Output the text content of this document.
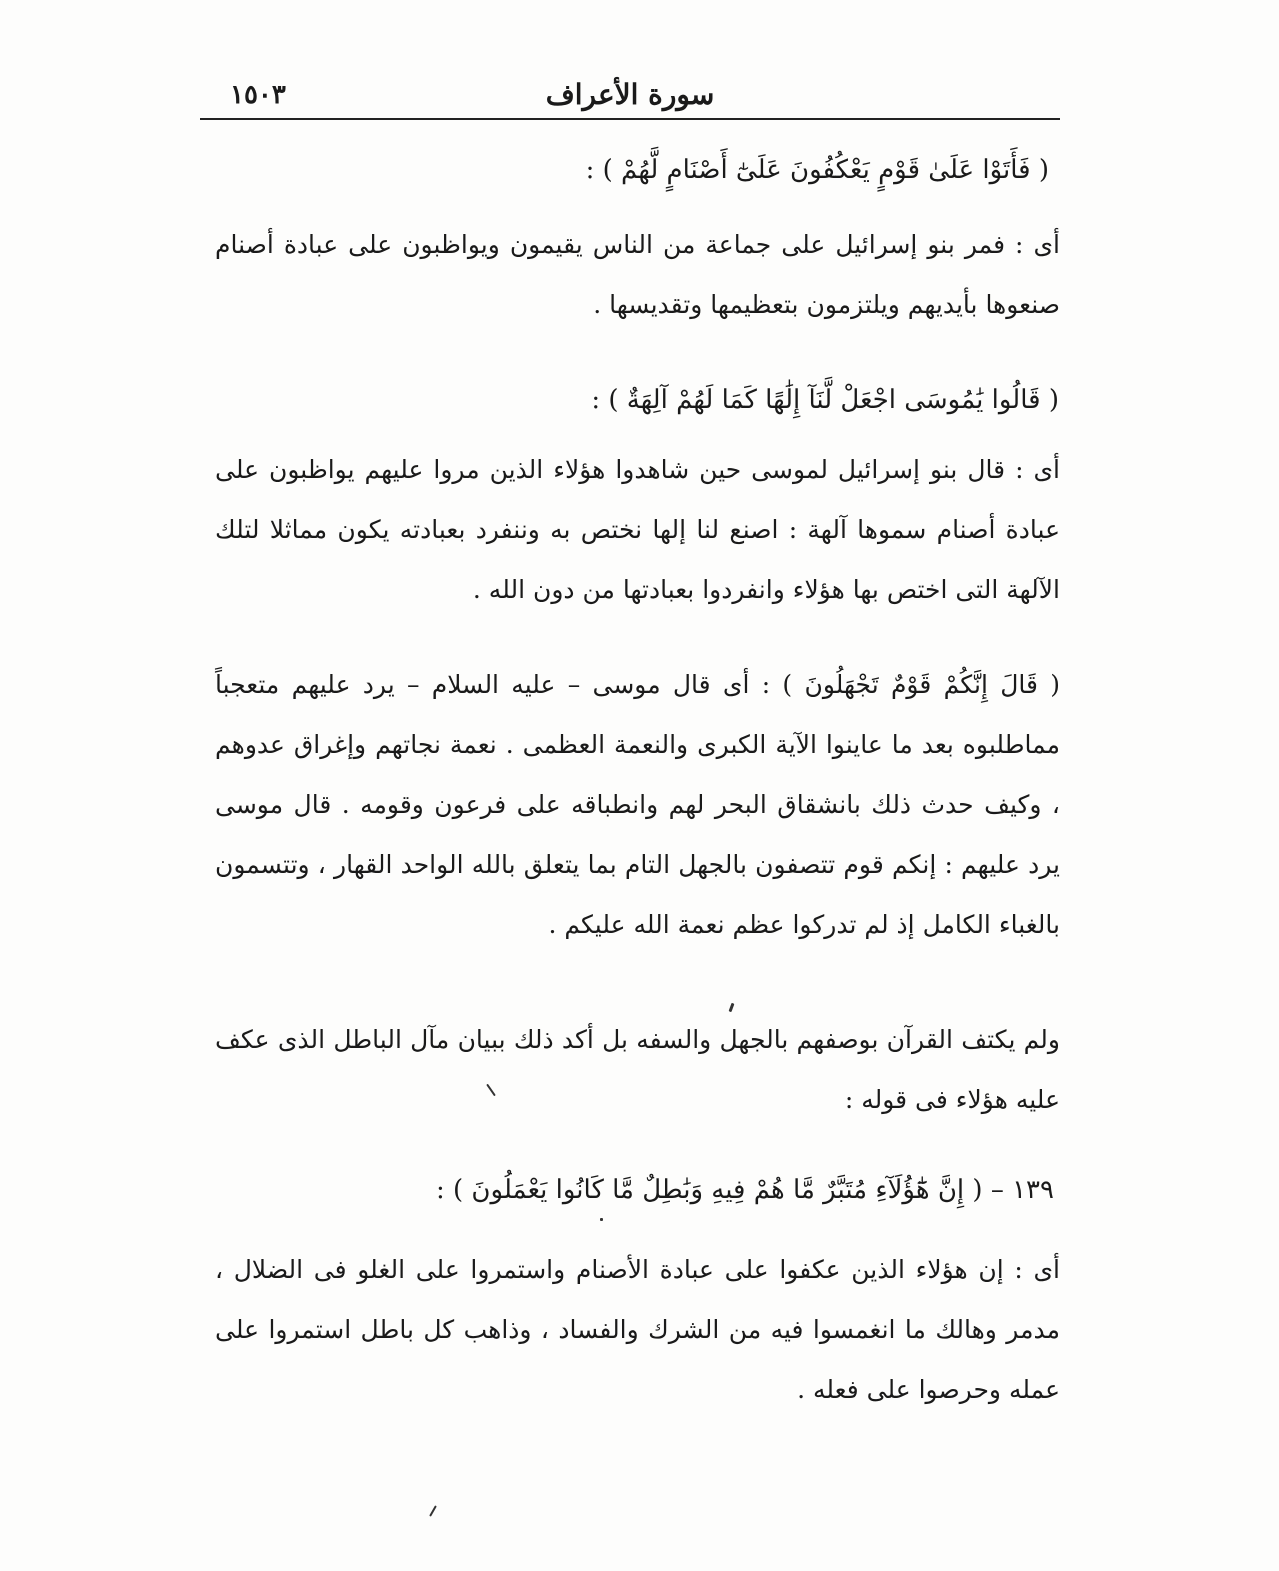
سورة الأعراف
١٥٠٣
( فَأَتَوْا عَلَىٰ قَوْمٍ يَعْكُفُونَ عَلَىٰٓ أَصْنَامٍ لَّهُمْ ) :
أى : فمر بنو إسرائيل على جماعة من الناس يقيمون ويواظبون على عبادة أصنام صنعوها بأيديهم ويلتزمون بتعظيمها وتقديسها .
( قَالُوا يَٰمُوسَى اجْعَلْ لَّنَآ إِلَٰهًا كَمَا لَهُمْ آلِهَةٌ ) :
أى : قال بنو إسرائيل لموسى حين شاهدوا هؤلاء الذين مروا عليهم يواظبون على عبادة أصنام سموها آلهة : اصنع لنا إلها نختص به وننفرد بعبادته يكون مماثلا لتلك الآلهة التى اختص بها هؤلاء وانفردوا بعبادتها من دون الله .
( قَالَ إِنَّكُمْ قَوْمٌ تَجْهَلُونَ ) : أى قال موسى – عليه السلام – يرد عليهم متعجباً مماطلبوه بعد ما عاينوا الآية الكبرى والنعمة العظمى . نعمة نجاتهم وإغراق عدوهم ، وكيف حدث ذلك بانشقاق البحر لهم وانطباقه على فرعون وقومه . قال موسى يرد عليهم : إنكم قوم تتصفون بالجهل التام بما يتعلق بالله الواحد القهار ، وتتسمون بالغباء الكامل إذ لم تدركوا عظم نعمة الله عليكم .
ولم يكتف القرآن بوصفهم بالجهل والسفه بل أكد ذلك ببيان مآل الباطل الذى عكف عليه هؤلاء فى قوله :
١٣٩ – ( إِنَّ هَٰٓؤُلَآءِ مُتَبَّرٌ مَّا هُمْ فِيهِ وَبَٰطِلٌ مَّا كَانُوا يَعْمَلُونَ ) :
أى : إن هؤلاء الذين عكفوا على عبادة الأصنام واستمروا على الغلو فى الضلال ، مدمر وهالك ما انغمسوا فيه من الشرك والفساد ، وذاهب كل باطل استمروا على عمله وحرصوا على فعله .
